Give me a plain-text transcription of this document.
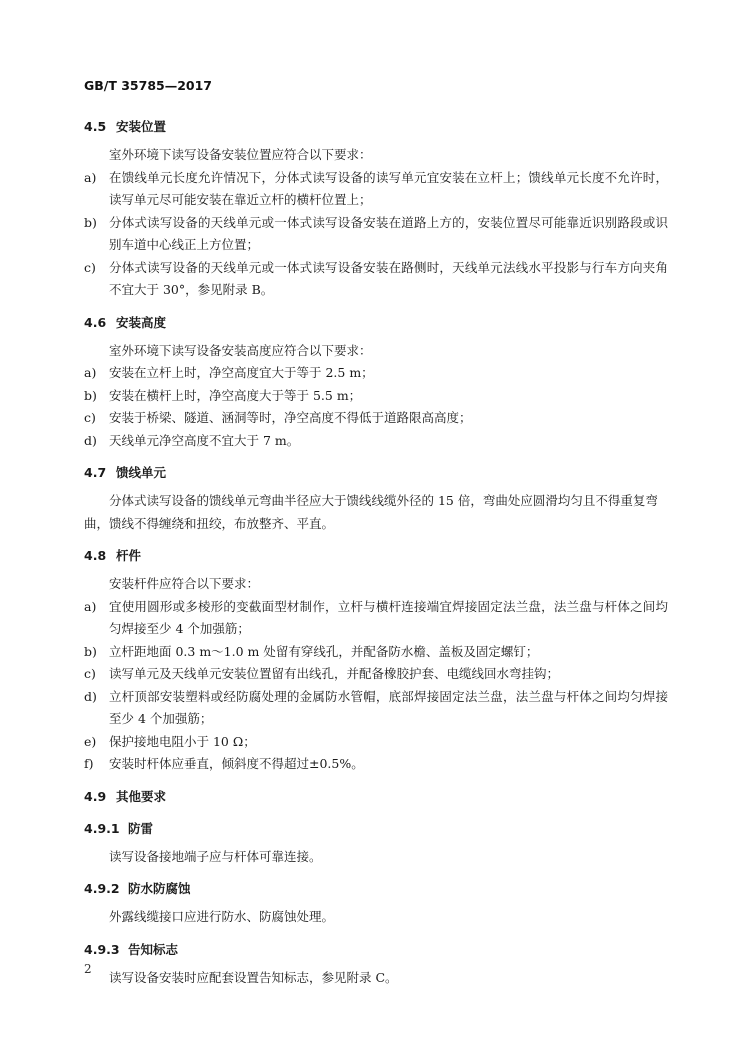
GB/T 35785—2017
4.5 安装位置
室外环境下读写设备安装位置应符合以下要求：
a)	在馈线单元长度允许情况下，分体式读写设备的读写单元宜安装在立杆上；馈线单元长度不允许时，读写单元尽可能安装在靠近立杆的横杆位置上；
b) 分体式读写设备的天线单元或一体式读写设备安装在道路上方的，安装位置尽可能靠近识别路段或识别车道中心线正上方位置；
c)	分体式读写设备的天线单元或一体式读写设备安装在路侧时，天线单元法线水平投影与行车方向夹角不宜大于 30°，参见附录 B。
4.6 安装高度
室外环境下读写设备安装高度应符合以下要求：
a)	安装在立杆上时，净空高度宜大于等于 2.5 m；
b) 安装在横杆上时，净空高度大于等于 5.5 m；
c)	安装于桥梁、隧道、涵洞等时，净空高度不得低于道路限高高度；
d) 天线单元净空高度不宜大于 7 m。
4.7 馈线单元
分体式读写设备的馈线单元弯曲半径应大于馈线线缆外径的 15 倍，弯曲处应圆滑均匀且不得重复弯曲，馈线不得缠绕和扭绞，布放整齐、平直。
4.8 杆件
安装杆件应符合以下要求：
a)	宜使用圆形或多棱形的变截面型材制作，立杆与横杆连接端宜焊接固定法兰盘，法兰盘与杆体之间均匀焊接至少 4 个加强筋；
b) 立杆距地面 0.3 m～1.0 m 处留有穿线孔，并配备防水檐、盖板及固定螺钉；
c)	读写单元及天线单元安装位置留有出线孔，并配备橡胶护套、电缆线回水弯挂钩；
d) 立杆顶部安装塑料或经防腐处理的金属防水管帽，底部焊接固定法兰盘，法兰盘与杆体之间均匀焊接至少 4 个加强筋；
e)	保护接地电阻小于 10 Ω；
f)	安装时杆体应垂直，倾斜度不得超过±0.5%。
4.9 其他要求
4.9.1 防雷
读写设备接地端子应与杆体可靠连接。
4.9.2 防水防腐蚀
外露线缆接口应进行防水、防腐蚀处理。
4.9.3 告知标志
读写设备安装时应配套设置告知标志，参见附录 C。
2
